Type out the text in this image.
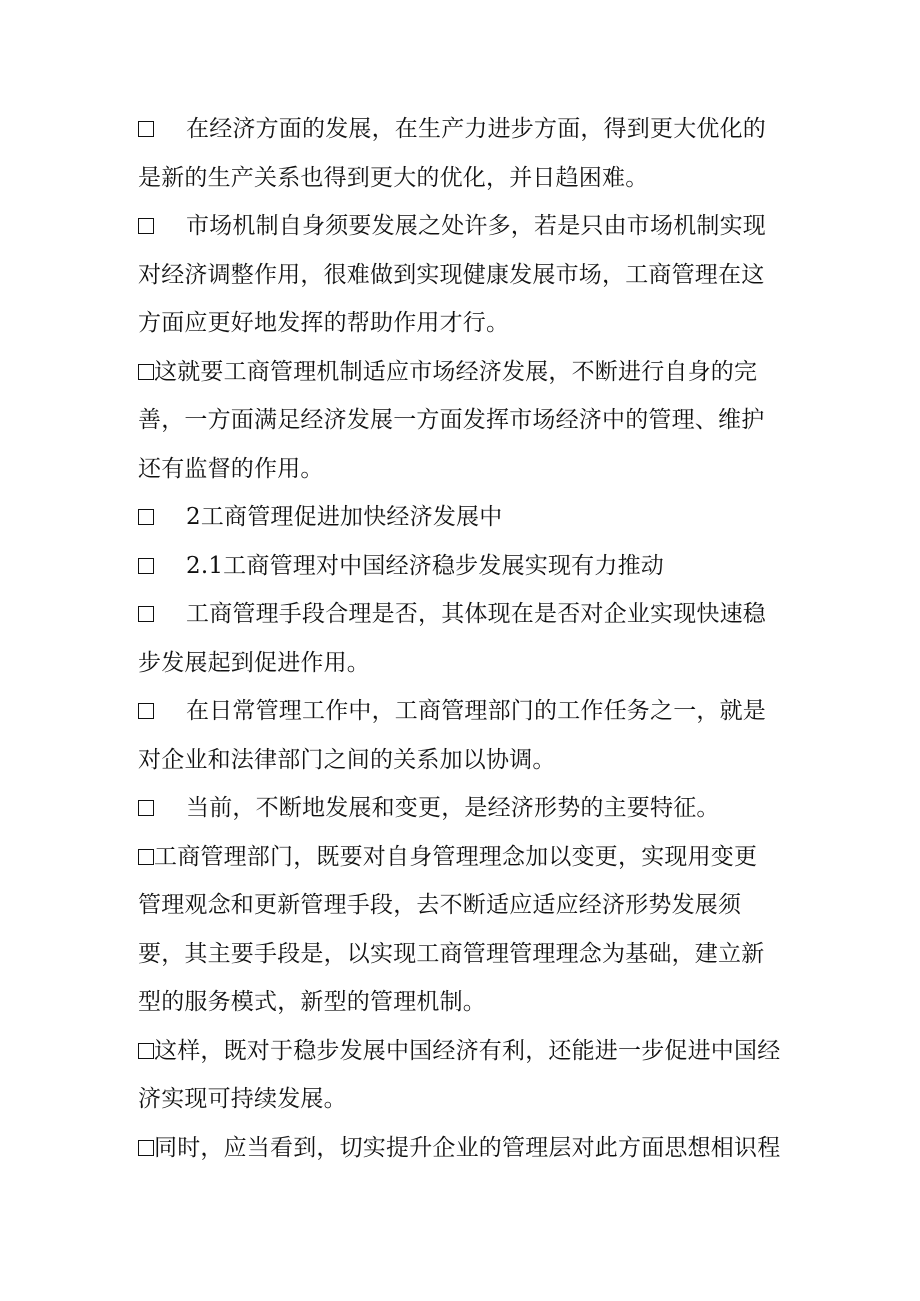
在经济方面的发展，在生产力进步方面，得到更大优化的
是新的生产关系也得到更大的优化，并日趋困难。

市场机制自身须要发展之处许多，若是只由市场机制实现
对经济调整作用，很难做到实现健康发展市场，工商管理在这
方面应更好地发挥的帮助作用才行。

这就要工商管理机制适应市场经济发展，不断进行自身的完
善，一方面满足经济发展一方面发挥市场经济中的管理、维护
还有监督的作用。

2工商管理促进加快经济发展中

2.1工商管理对中国经济稳步发展实现有力推动

工商管理手段合理是否，其体现在是否对企业实现快速稳
步发展起到促进作用。

在日常管理工作中，工商管理部门的工作任务之一，就是
对企业和法律部门之间的关系加以协调。

当前，不断地发展和变更，是经济形势的主要特征。

工商管理部门，既要对自身管理理念加以变更，实现用变更
管理观念和更新管理手段，去不断适应适应经济形势发展须
要，其主要手段是，以实现工商管理管理理念为基础，建立新
型的服务模式，新型的管理机制。

这样，既对于稳步发展中国经济有利，还能进一步促进中国经
济实现可持续发展。

同时，应当看到，切实提升企业的管理层对此方面思想相识程
